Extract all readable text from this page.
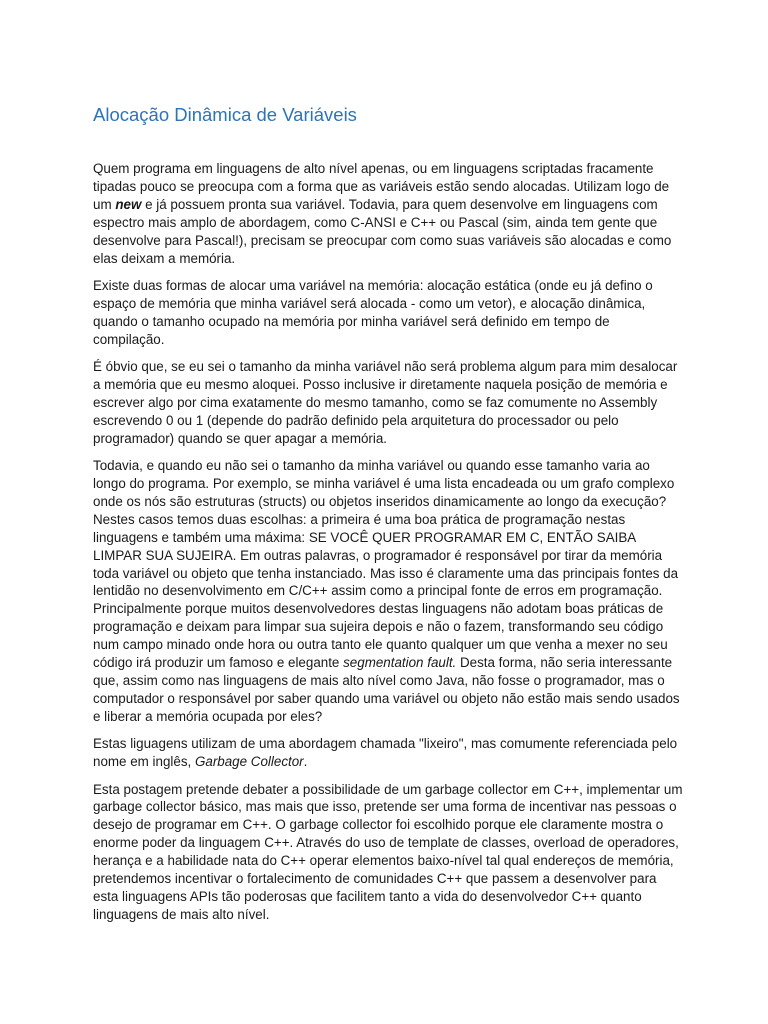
Alocação Dinâmica de Variáveis

Quem programa em linguagens de alto nível apenas, ou em linguagens scriptadas fracamente tipadas pouco se preocupa com a forma que as variáveis estão sendo alocadas. Utilizam logo de um new e já possuem pronta sua variável. Todavia, para quem desenvolve em linguagens com espectro mais amplo de abordagem, como C-ANSI e C++ ou Pascal (sim, ainda tem gente que desenvolve para Pascal!), precisam se preocupar com como suas variáveis são alocadas e como elas deixam a memória.

Existe duas formas de alocar uma variável na memória: alocação estática (onde eu já defino o espaço de memória que minha variável será alocada - como um vetor), e alocação dinâmica, quando o tamanho ocupado na memória por minha variável será definido em tempo de compilação.

É óbvio que, se eu sei o tamanho da minha variável não será problema algum para mim desalocar a memória que eu mesmo aloquei. Posso inclusive ir diretamente naquela posição de memória e escrever algo por cima exatamente do mesmo tamanho, como se faz comumente no Assembly escrevendo 0 ou 1 (depende do padrão definido pela arquitetura do processador ou pelo programador) quando se quer apagar a memória.

Todavia, e quando eu não sei o tamanho da minha variável ou quando esse tamanho varia ao longo do programa. Por exemplo, se minha variável é uma lista encadeada ou um grafo complexo onde os nós são estruturas (structs) ou objetos inseridos dinamicamente ao longo da execução? Nestes casos temos duas escolhas: a primeira é uma boa prática de programação nestas linguagens e também uma máxima: SE VOCÊ QUER PROGRAMAR EM C, ENTÃO SAIBA LIMPAR SUA SUJEIRA. Em outras palavras, o programador é responsável por tirar da memória toda variável ou objeto que tenha instanciado. Mas isso é claramente uma das principais fontes da lentidão no desenvolvimento em C/C++ assim como a principal fonte de erros em programação. Principalmente porque muitos desenvolvedores destas linguagens não adotam boas práticas de programação e deixam para limpar sua sujeira depois e não o fazem, transformando seu código num campo minado onde hora ou outra tanto ele quanto qualquer um que venha a mexer no seu código irá produzir um famoso e elegante segmentation fault. Desta forma, não seria interessante que, assim como nas linguagens de mais alto nível como Java, não fosse o programador, mas o computador o responsável por saber quando uma variável ou objeto não estão mais sendo usados e liberar a memória ocupada por eles?

Estas liguagens utilizam de uma abordagem chamada "lixeiro", mas comumente referenciada pelo nome em inglês, Garbage Collector.

Esta postagem pretende debater a possibilidade de um garbage collector em C++, implementar um garbage collector básico, mas mais que isso, pretende ser uma forma de incentivar nas pessoas o desejo de programar em C++. O garbage collector foi escolhido porque ele claramente mostra o enorme poder da linguagem C++. Através do uso de template de classes, overload de operadores, herança e a habilidade nata do C++ operar elementos baixo-nível tal qual endereços de memória, pretendemos incentivar o fortalecimento de comunidades C++ que passem a desenvolver para esta linguagens APIs tão poderosas que facilitem tanto a vida do desenvolvedor C++ quanto linguagens de mais alto nível.
